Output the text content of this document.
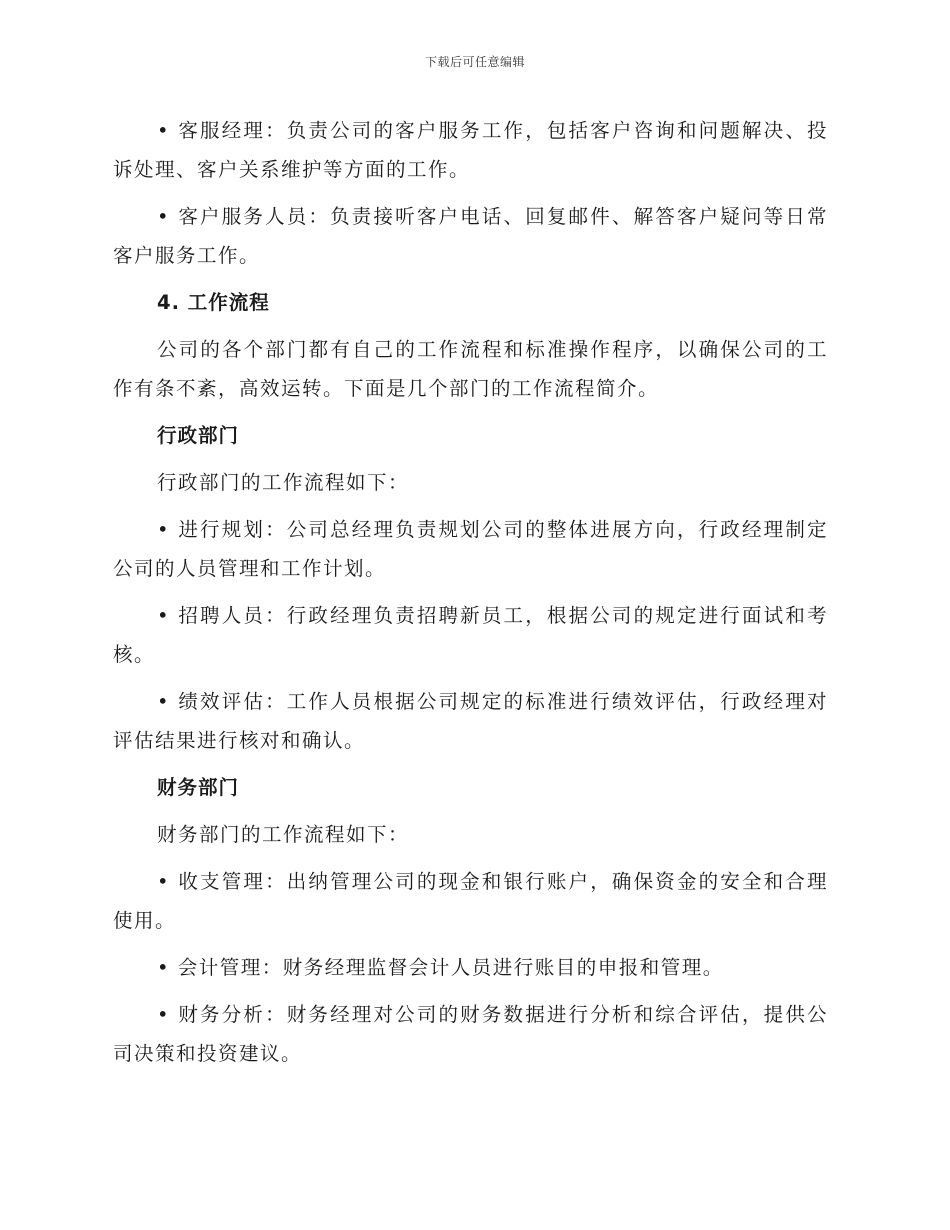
下载后可任意编辑

• 客服经理：负责公司的客户服务工作，包括客户咨询和问题解决、投诉处理、客户关系维护等方面的工作。

• 客户服务人员：负责接听客户电话、回复邮件、解答客户疑问等日常客户服务工作。

4. 工作流程

公司的各个部门都有自己的工作流程和标准操作程序，以确保公司的工作有条不紊，高效运转。下面是几个部门的工作流程简介。

行政部门

行政部门的工作流程如下：

• 进行规划：公司总经理负责规划公司的整体进展方向，行政经理制定公司的人员管理和工作计划。

• 招聘人员：行政经理负责招聘新员工，根据公司的规定进行面试和考核。

• 绩效评估：工作人员根据公司规定的标准进行绩效评估，行政经理对评估结果进行核对和确认。

财务部门

财务部门的工作流程如下：

• 收支管理：出纳管理公司的现金和银行账户，确保资金的安全和合理使用。

• 会计管理：财务经理监督会计人员进行账目的申报和管理。

• 财务分析：财务经理对公司的财务数据进行分析和综合评估，提供公司决策和投资建议。
